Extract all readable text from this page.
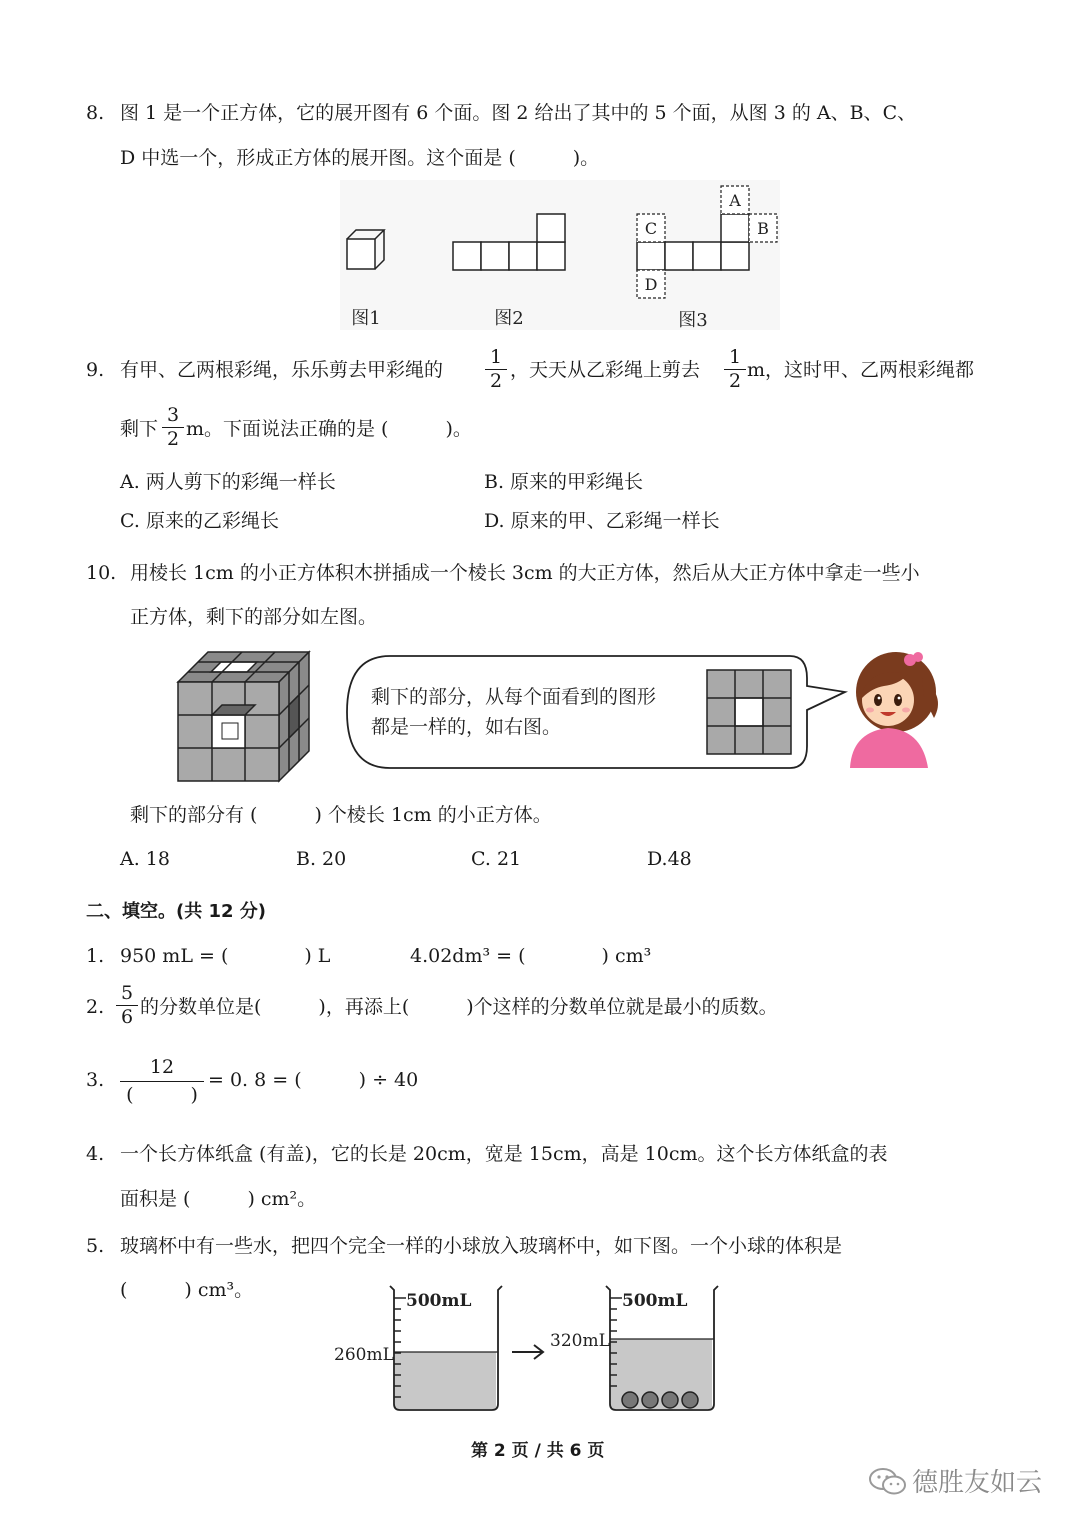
8. 图 1 是一个正方体，它的展开图有 6 个面。图 2 给出了其中的 5 个面，从图 3 的 A、B、C、
D 中选一个，形成正方体的展开图。这个面是 (　　　)。
A
B
C
D
图1	图2	图3
9. 有甲、乙两根彩绳，乐乐剪去甲彩绳的
1
2 ，天天从乙彩绳上剪去
1
2 m，这时甲、乙两根彩绳都
剩下
3
2 m。下面说法正确的是 (　　　)。
A. 两人剪下的彩绳一样长	B. 原来的甲彩绳长
C. 原来的乙彩绳长	D. 原来的甲、乙彩绳一样长
10. 用棱长 1cm 的小正方体积木拼插成一个棱长 3cm 的大正方体，然后从大正方体中拿走一些小
正方体，剩下的部分如左图。
剩下的部分，从每个面看到的图形
都是一样的，如右图。
剩下的部分有 (　　　) 个棱长 1cm 的小正方体。
A. 18	B. 20	C. 21	D.48
二、填空。(共 12 分)
1. 950 mL = (　　　　) L	4.02dm³ = (　　　　) cm³
2.
5
6 的分数单位是(　　　)，再添上(　　　)个这样的分数单位就是最小的质数。
3.
12
(　　　)
= 0. 8 = (　　　) ÷ 40
4. 一个长方体纸盒 (有盖)，它的长是 20cm，宽是 15cm，高是 10cm。这个长方体纸盒的表
面积是 (　　　) cm²。
5. 玻璃杯中有一些水，把四个完全一样的小球放入玻璃杯中，如下图。一个小球的体积是
(　　　) cm³。	500mL
260mL
500mL
320mL
第 2 页 / 共 6 页
德胜友如云
